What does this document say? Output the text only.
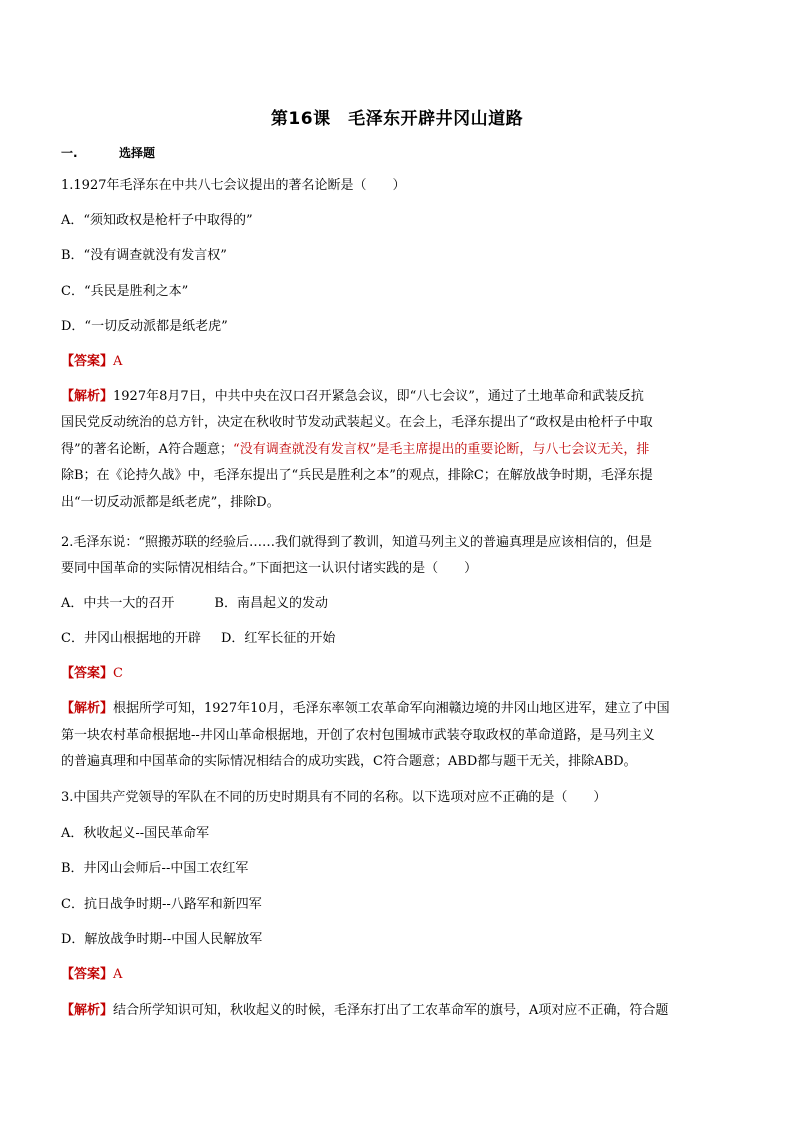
第16课　毛泽东开辟井冈山道路
一.	选择题
1.1927年毛泽东在中共八七会议提出的著名论断是（　　）
A．“须知政权是枪杆子中取得的”
B．“没有调查就没有发言权”
C．“兵民是胜利之本”
D．“一切反动派都是纸老虎”
【答案】A
【解析】1927年8月7日，中共中央在汉口召开紧急会议，即“八七会议”，通过了土地革命和武装反抗
国民党反动统治的总方针，决定在秋收时节发动武装起义。在会上，毛泽东提出了“政权是由枪杆子中取
得”的著名论断，A符合题意；“没有调查就没有发言权”是毛主席提出的重要论断，与八七会议无关，排
除B；在《论持久战》中，毛泽东提出了“兵民是胜利之本”的观点，排除C；在解放战争时期，毛泽东提
出“一切反动派都是纸老虎”，排除D。
2.毛泽东说：“照搬苏联的经验后……我们就得到了教训，知道马列主义的普遍真理是应该相信的，但是
要同中国革命的实际情况相结合。”下面把这一认识付诸实践的是（　　）
A．中共一大的召开	B．南昌起义的发动
C．井冈山根据地的开辟 D．红军长征的开始
【答案】C
【解析】根据所学可知，1927年10月，毛泽东率领工农革命军向湘赣边境的井冈山地区进军，建立了中国
第一块农村革命根据地--井冈山革命根据地，开创了农村包围城市武装夺取政权的革命道路，是马列主义
的普遍真理和中国革命的实际情况相结合的成功实践，C符合题意；ABD都与题干无关，排除ABD。
3.中国共产党领导的军队在不同的历史时期具有不同的名称。以下选项对应不正确的是（　　）
A．秋收起义--国民革命军
B．井冈山会师后--中国工农红军
C．抗日战争时期--八路军和新四军
D．解放战争时期--中国人民解放军
【答案】A
【解析】结合所学知识可知，秋收起义的时候，毛泽东打出了工农革命军的旗号，A项对应不正确，符合题
